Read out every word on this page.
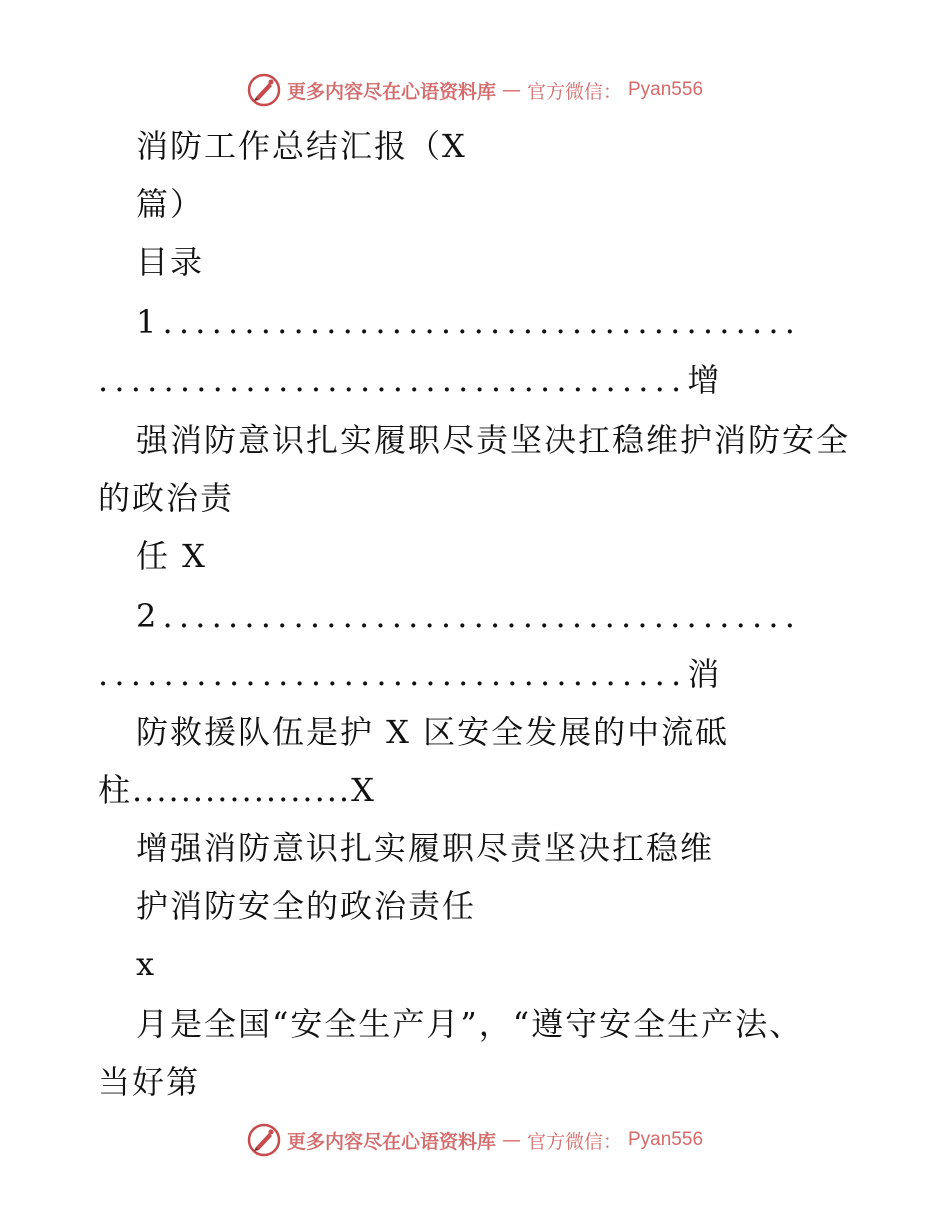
更多内容尽在心语资料库 — 官方微信： Pyan556
消防工作总结汇报（X
篇）
目录
1.......................................
....................................增
强消防意识扎实履职尽责坚决扛稳维护消防安全
的政治责
任 X
2.......................................
....................................消
防救援队伍是护 X 区安全发展的中流砥
柱..................X
增强消防意识扎实履职尽责坚决扛稳维
护消防安全的政治责任
x
月是全国“安全生产月”，“遵守安全生产法、
当好第
更多内容尽在心语资料库 — 官方微信： Pyan556
